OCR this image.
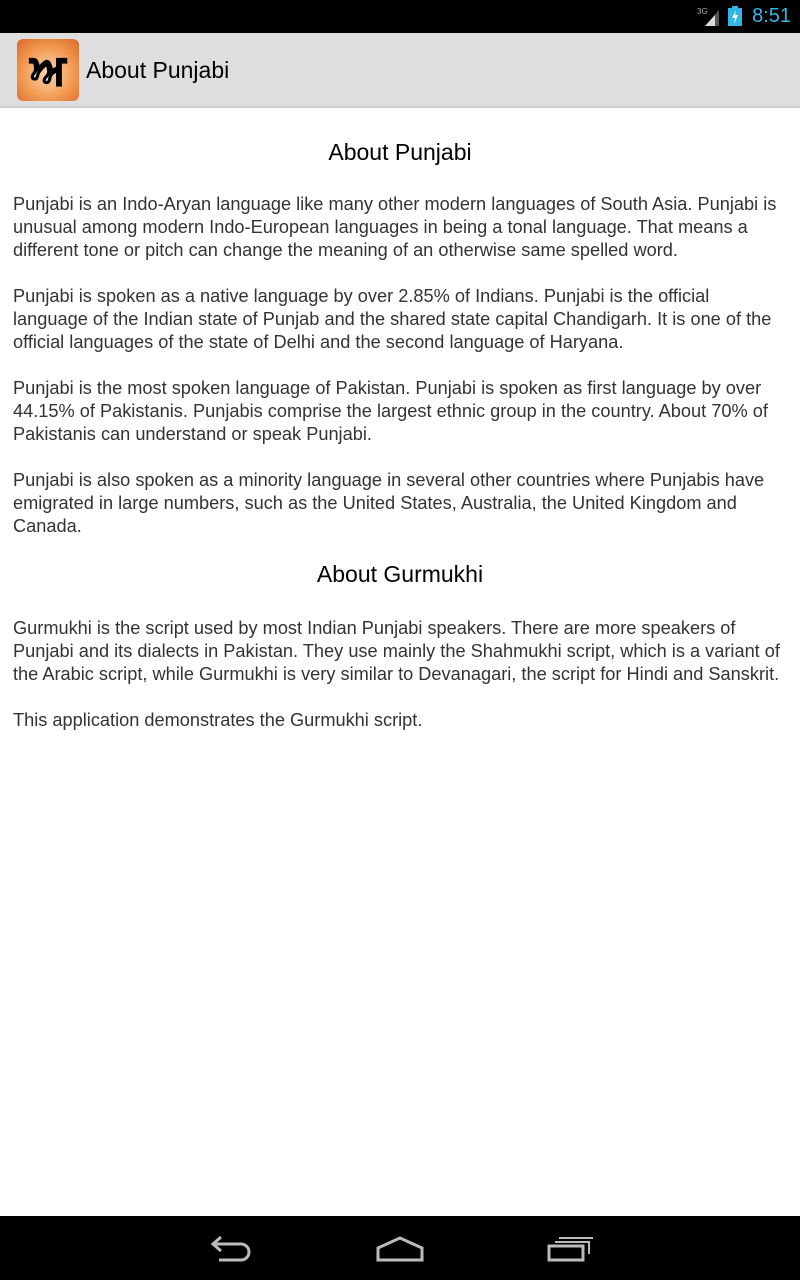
3G 8:51
ਅ About Punjabi
About Punjabi

Punjabi is an Indo-Aryan language like many other modern languages of South Asia. Punjabi is unusual among modern Indo-European languages in being a tonal language. That means a different tone or pitch can change the meaning of an otherwise same spelled word.

Punjabi is spoken as a native language by over 2.85% of Indians. Punjabi is the official language of the Indian state of Punjab and the shared state capital Chandigarh. It is one of the official languages of the state of Delhi and the second language of Haryana.

Punjabi is the most spoken language of Pakistan. Punjabi is spoken as first language by over 44.15% of Pakistanis. Punjabis comprise the largest ethnic group in the country. About 70% of Pakistanis can understand or speak Punjabi.

Punjabi is also spoken as a minority language in several other countries where Punjabis have emigrated in large numbers, such as the United States, Australia, the United Kingdom and Canada.

About Gurmukhi

Gurmukhi is the script used by most Indian Punjabi speakers. There are more speakers of Punjabi and its dialects in Pakistan. They use mainly the Shahmukhi script, which is a variant of the Arabic script, while Gurmukhi is very similar to Devanagari, the script for Hindi and Sanskrit.

This application demonstrates the Gurmukhi script.
